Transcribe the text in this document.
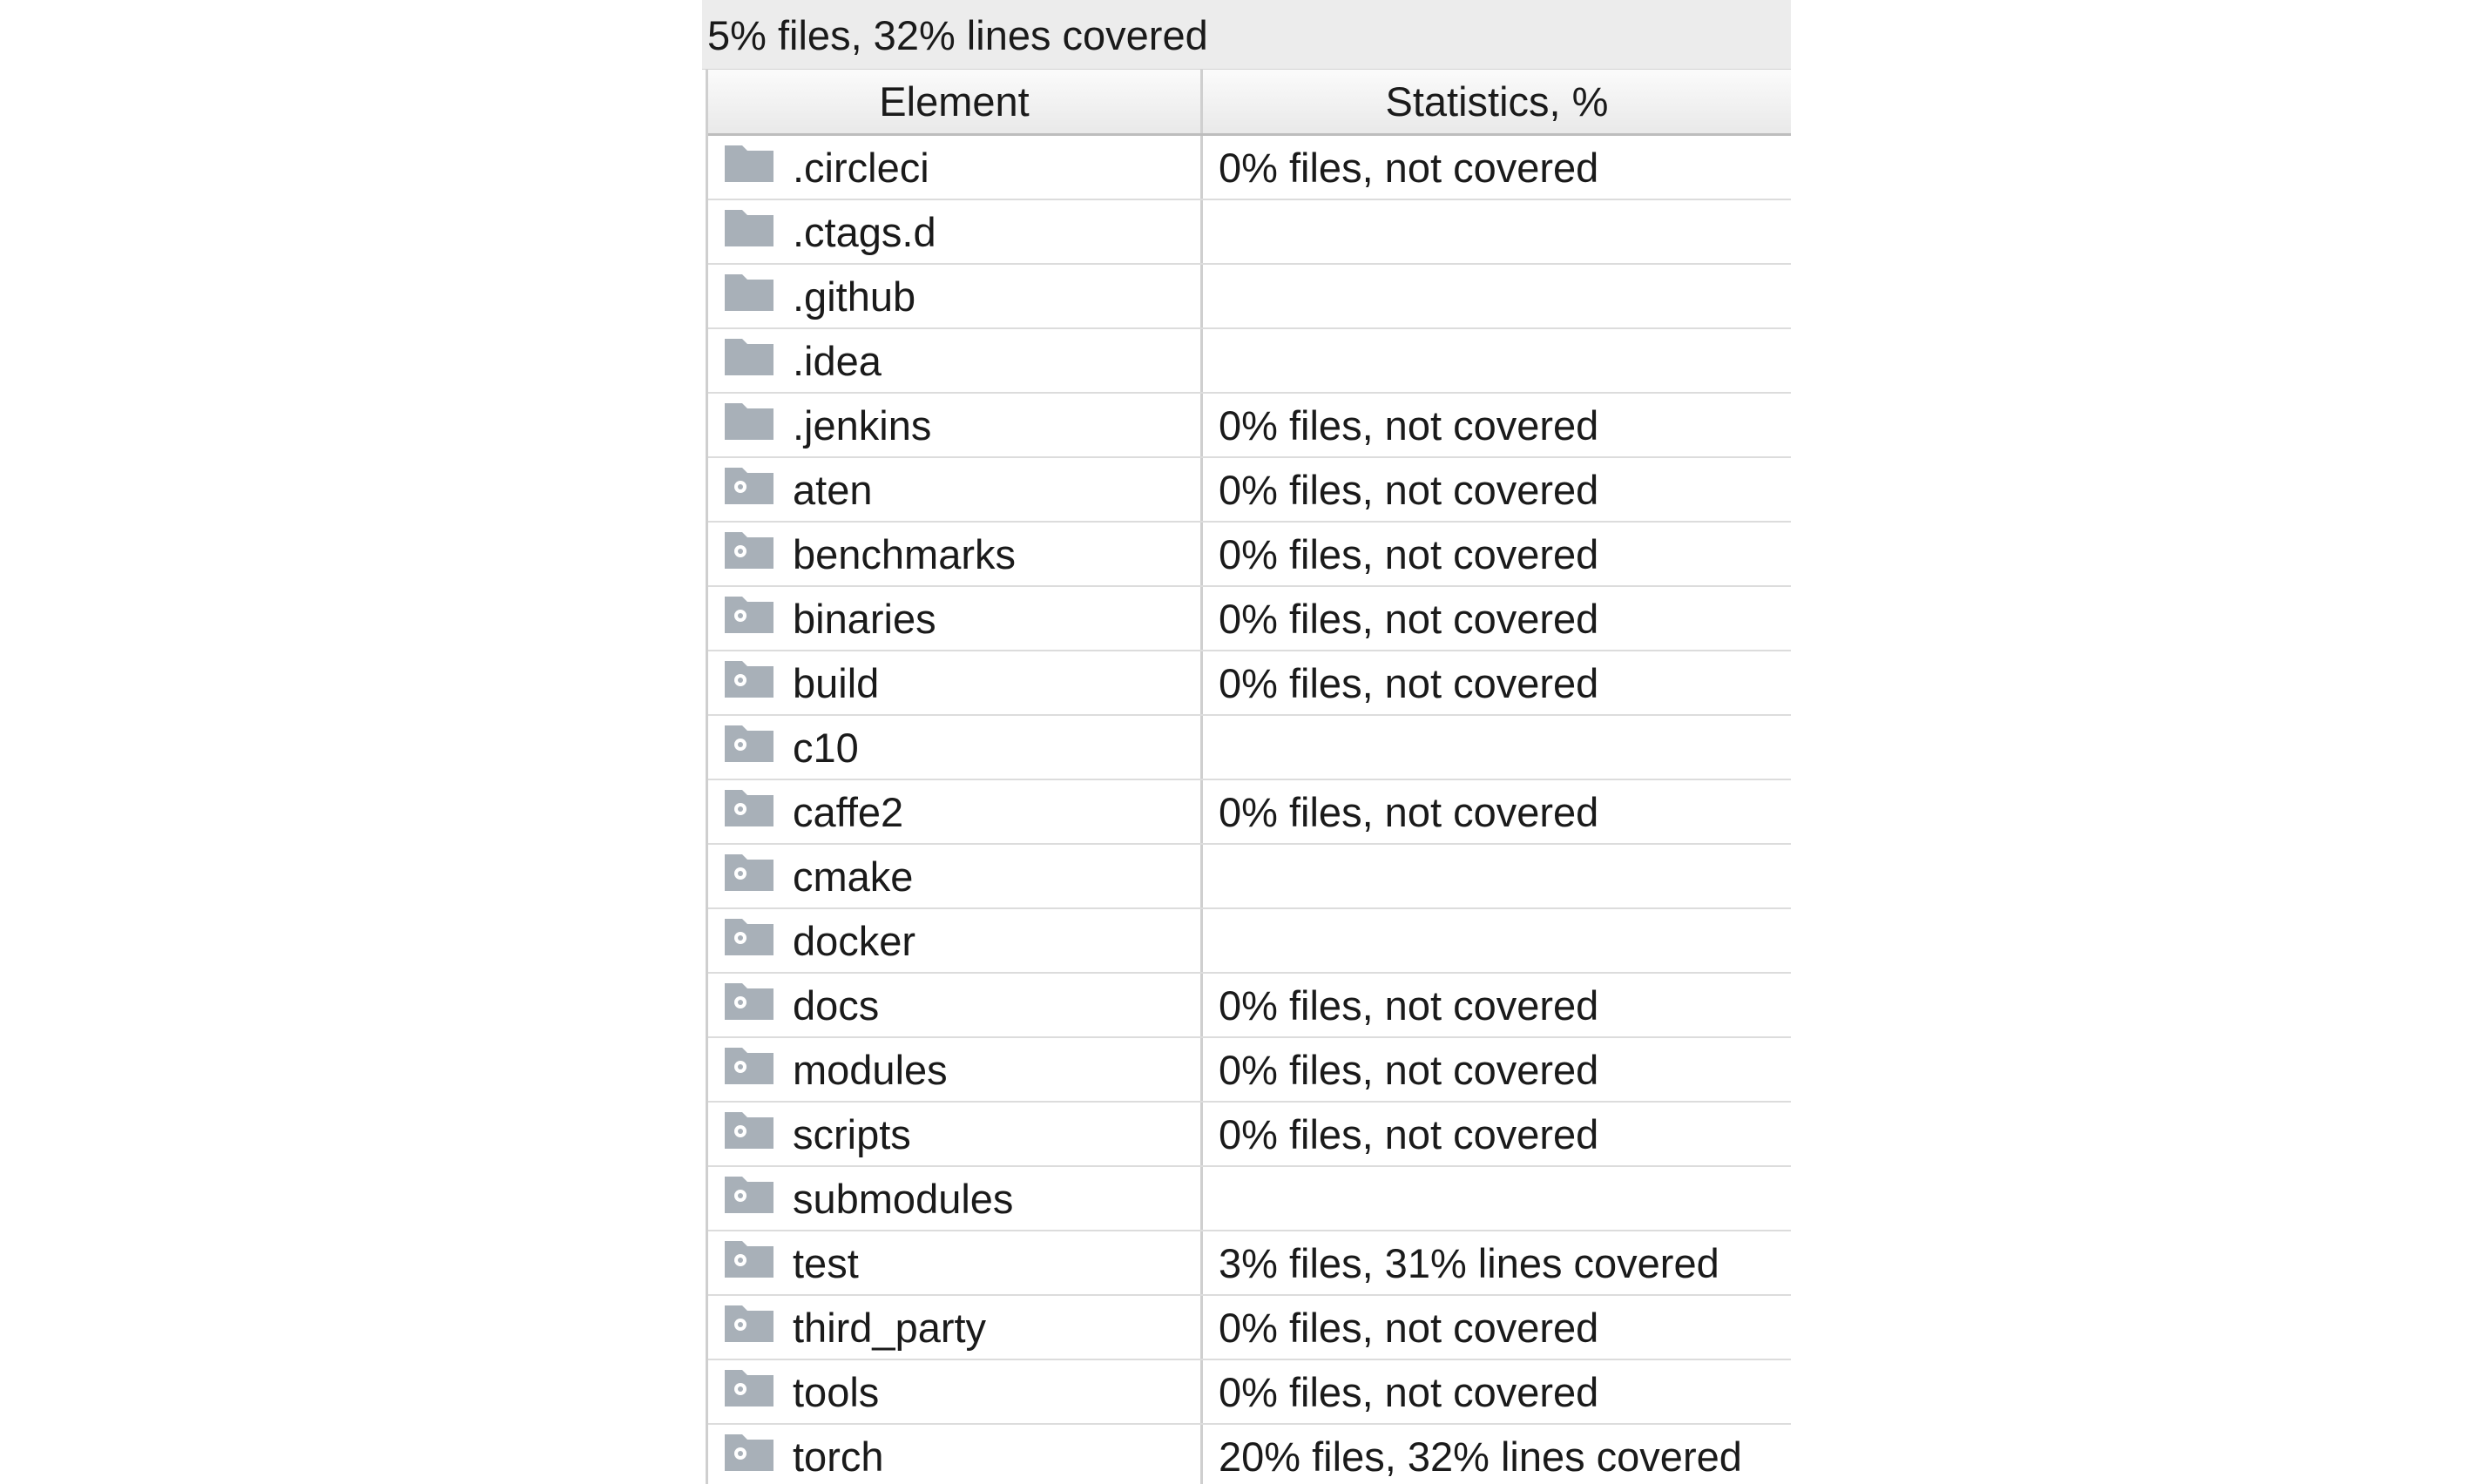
5% files, 32% lines covered
Element	Statistics, %
.circleci	0% files, not covered
.ctags.d
.github
.idea
.jenkins	0% files, not covered
aten	0% files, not covered
benchmarks	0% files, not covered
binaries	0% files, not covered
build	0% files, not covered
c10
caffe2	0% files, not covered
cmake
docker
docs	0% files, not covered
modules	0% files, not covered
scripts	0% files, not covered
submodules
test	3% files, 31% lines covered
third_party	0% files, not covered
tools	0% files, not covered
torch	20% files, 32% lines covered
